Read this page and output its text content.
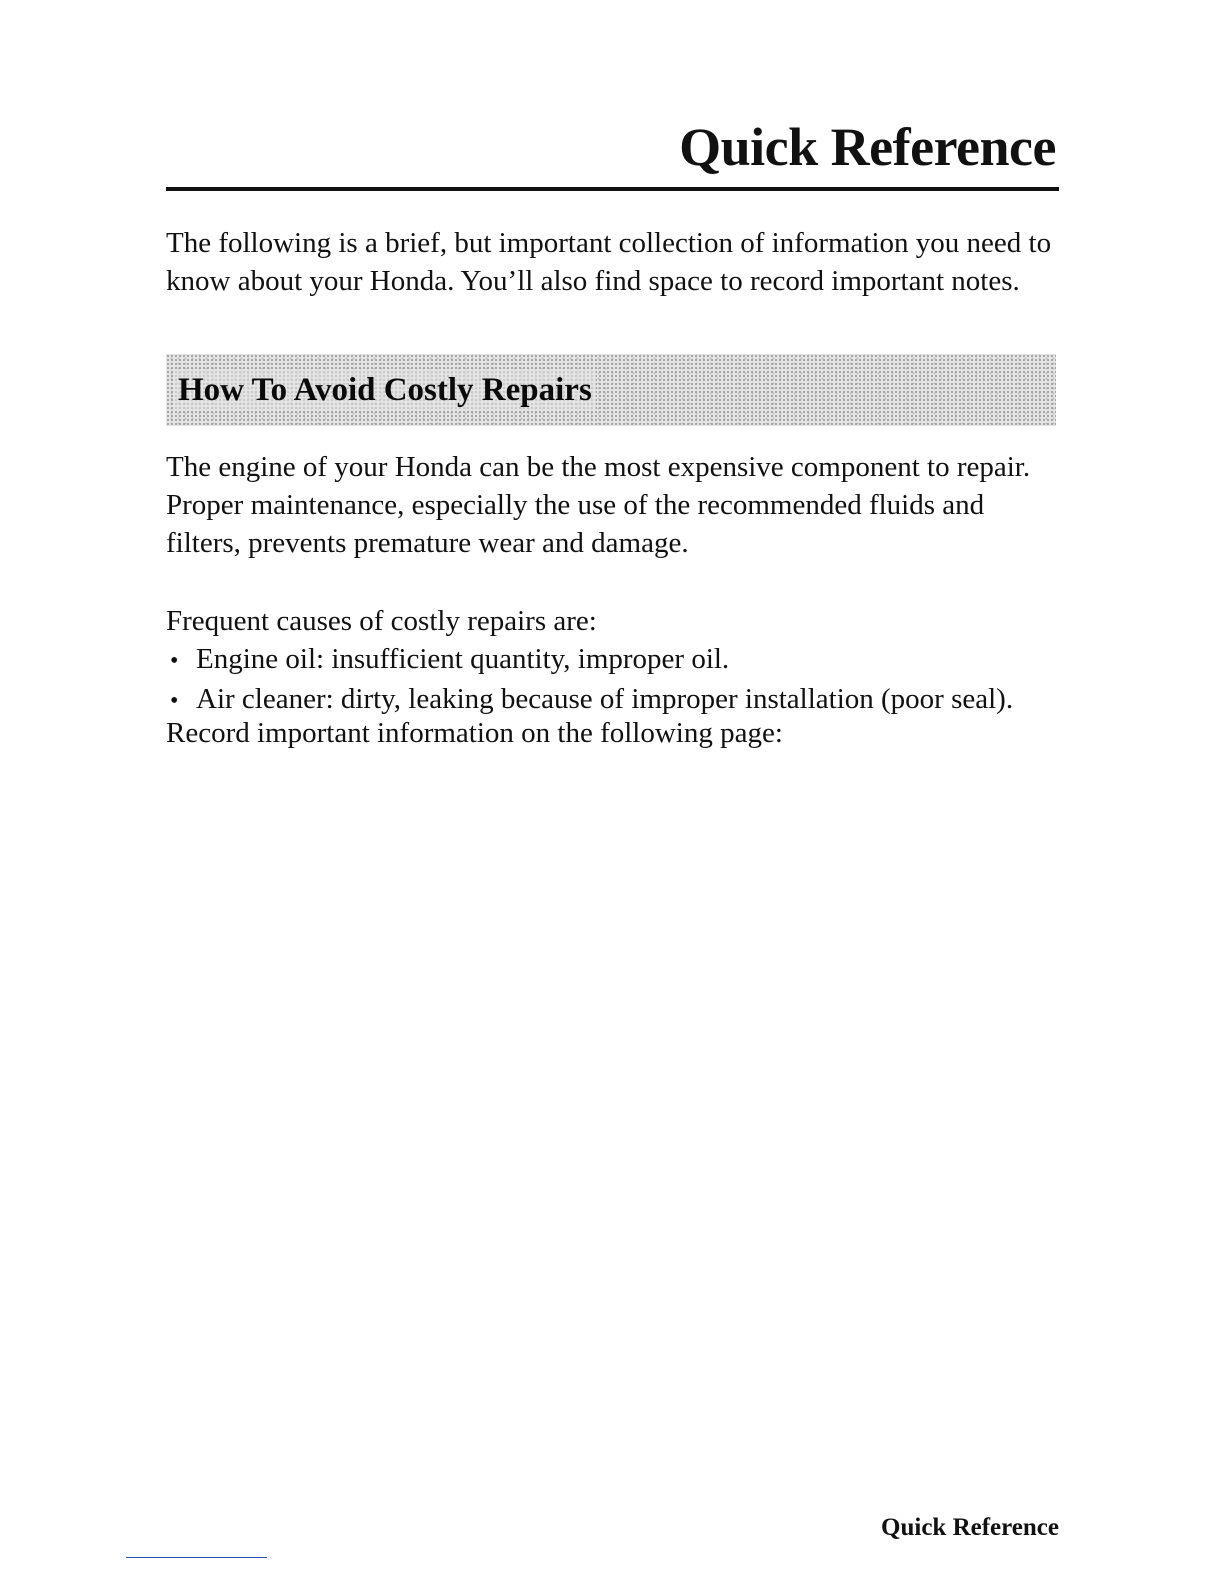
Quick Reference

The following is a brief, but important collection of information you need to know about your Honda. You’ll also find space to record important notes.

How To Avoid Costly Repairs

The engine of your Honda can be the most expensive component to repair. Proper maintenance, especially the use of the recommended fluids and filters, prevents premature wear and damage.

Frequent causes of costly repairs are:

• Engine oil: insufficient quantity, improper oil.
• Air cleaner: dirty, leaking because of improper installation (poor seal).

Record important information on the following page:

Quick Reference
